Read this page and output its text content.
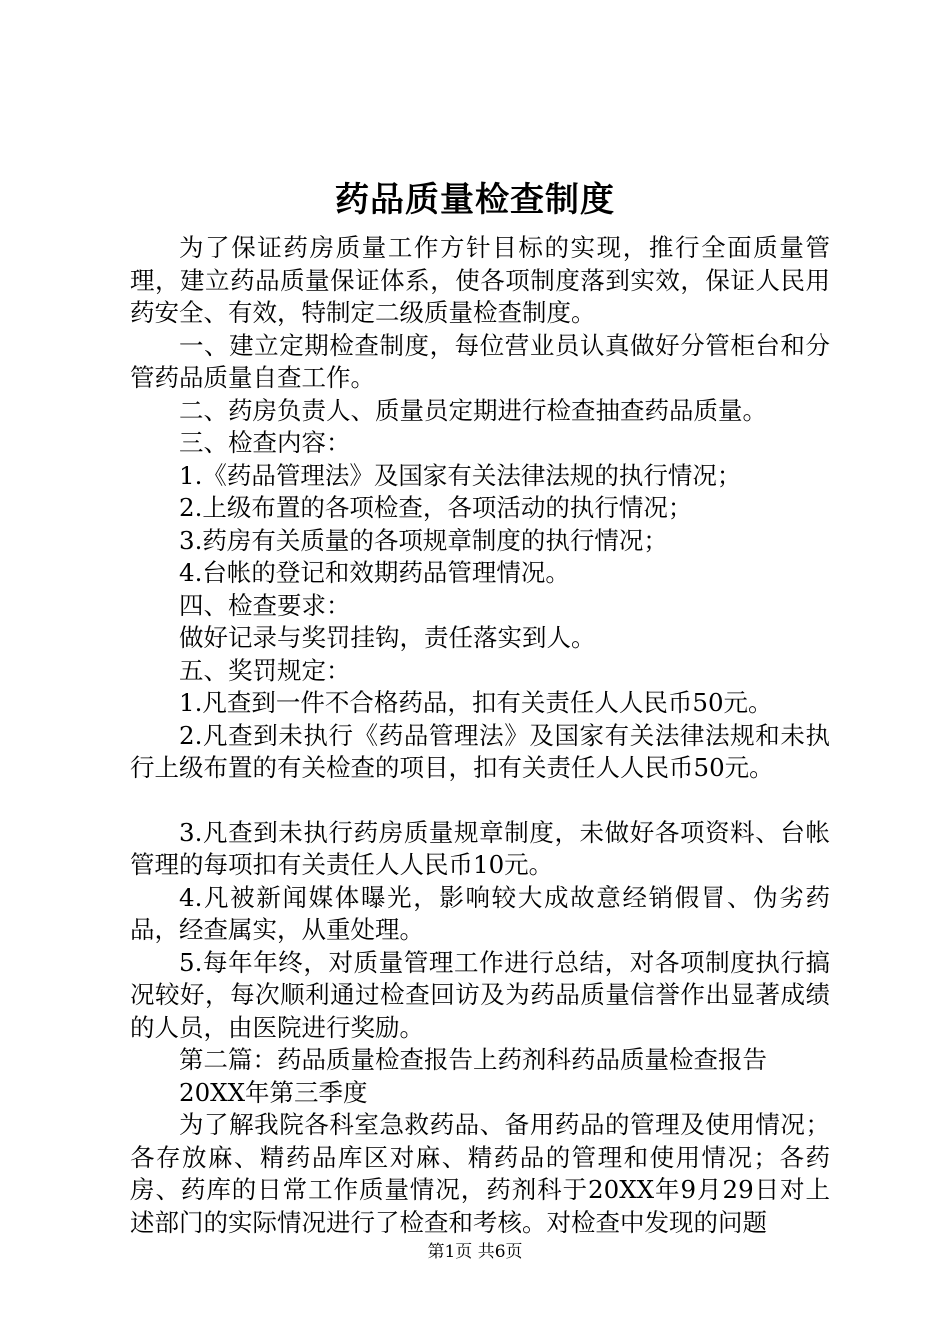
药品质量检查制度

为了保证药房质量工作方针目标的实现，推行全面质量管理，建立药品质量保证体系，使各项制度落到实效，保证人民用药安全、有效，特制定二级质量检查制度。

一、建立定期检查制度，每位营业员认真做好分管柜台和分管药品质量自查工作。

二、药房负责人、质量员定期进行检查抽查药品质量。

三、检查内容：

1.《药品管理法》及国家有关法律法规的执行情况；

2.上级布置的各项检查，各项活动的执行情况；

3.药房有关质量的各项规章制度的执行情况；

4.台帐的登记和效期药品管理情况。

四、检查要求：

做好记录与奖罚挂钩，责任落实到人。

五、奖罚规定：

1.凡查到一件不合格药品，扣有关责任人人民币50元。

2.凡查到未执行《药品管理法》及国家有关法律法规和未执行上级布置的有关检查的项目，扣有关责任人人民币50元。

3.凡查到未执行药房质量规章制度，未做好各项资料、台帐管理的每项扣有关责任人人民币10元。

4.凡被新闻媒体曝光，影响较大成故意经销假冒、伪劣药品，经查属实，从重处理。

5.每年年终，对质量管理工作进行总结，对各项制度执行搞况较好，每次顺利通过检查回访及为药品质量信誉作出显著成绩的人员，由医院进行奖励。

第二篇：药品质量检查报告上药剂科药品质量检查报告

20XX年第三季度

为了解我院各科室急救药品、备用药品的管理及使用情况；各存放麻、精药品库区对麻、精药品的管理和使用情况；各药房、药库的日常工作质量情况，药剂科于20XX年9月29日对上述部门的实际情况进行了检查和考核。对检查中发现的问题

第1页 共6页
